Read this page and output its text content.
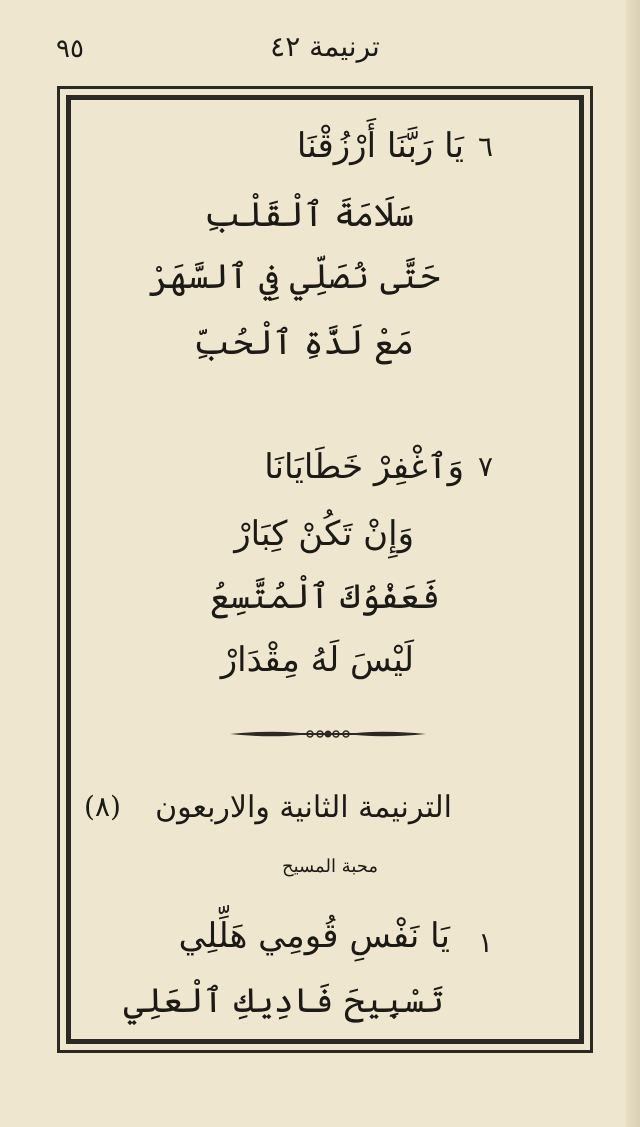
٩٥	ترنيمة ٤٢
٦
يَا رَبَّنَا أَرْزُقْنَا
سَلَامَةَ ٱلْقَلْبِ
حَتَّى نُصَلِّي فِي ٱلسَّهَرْ
مَعْ لَذَّةِ ٱلْحُبِّ
٧
وَٱغْفِرْ خَطَايَانَا
وَإِنْ تَكُنْ كِبَارْ
فَعَفْوُكَ ٱلْمُتَّسِعُ
لَيْسَ لَهُ مِقْدَارْ
(٨) الترنيمة الثانية والاربعون
محبة المسيح
١
يَا نَفْسِ قُومِي هَلِّلِي
تَسْبِيحَ فَادِيكِ ٱلْعَلِي
